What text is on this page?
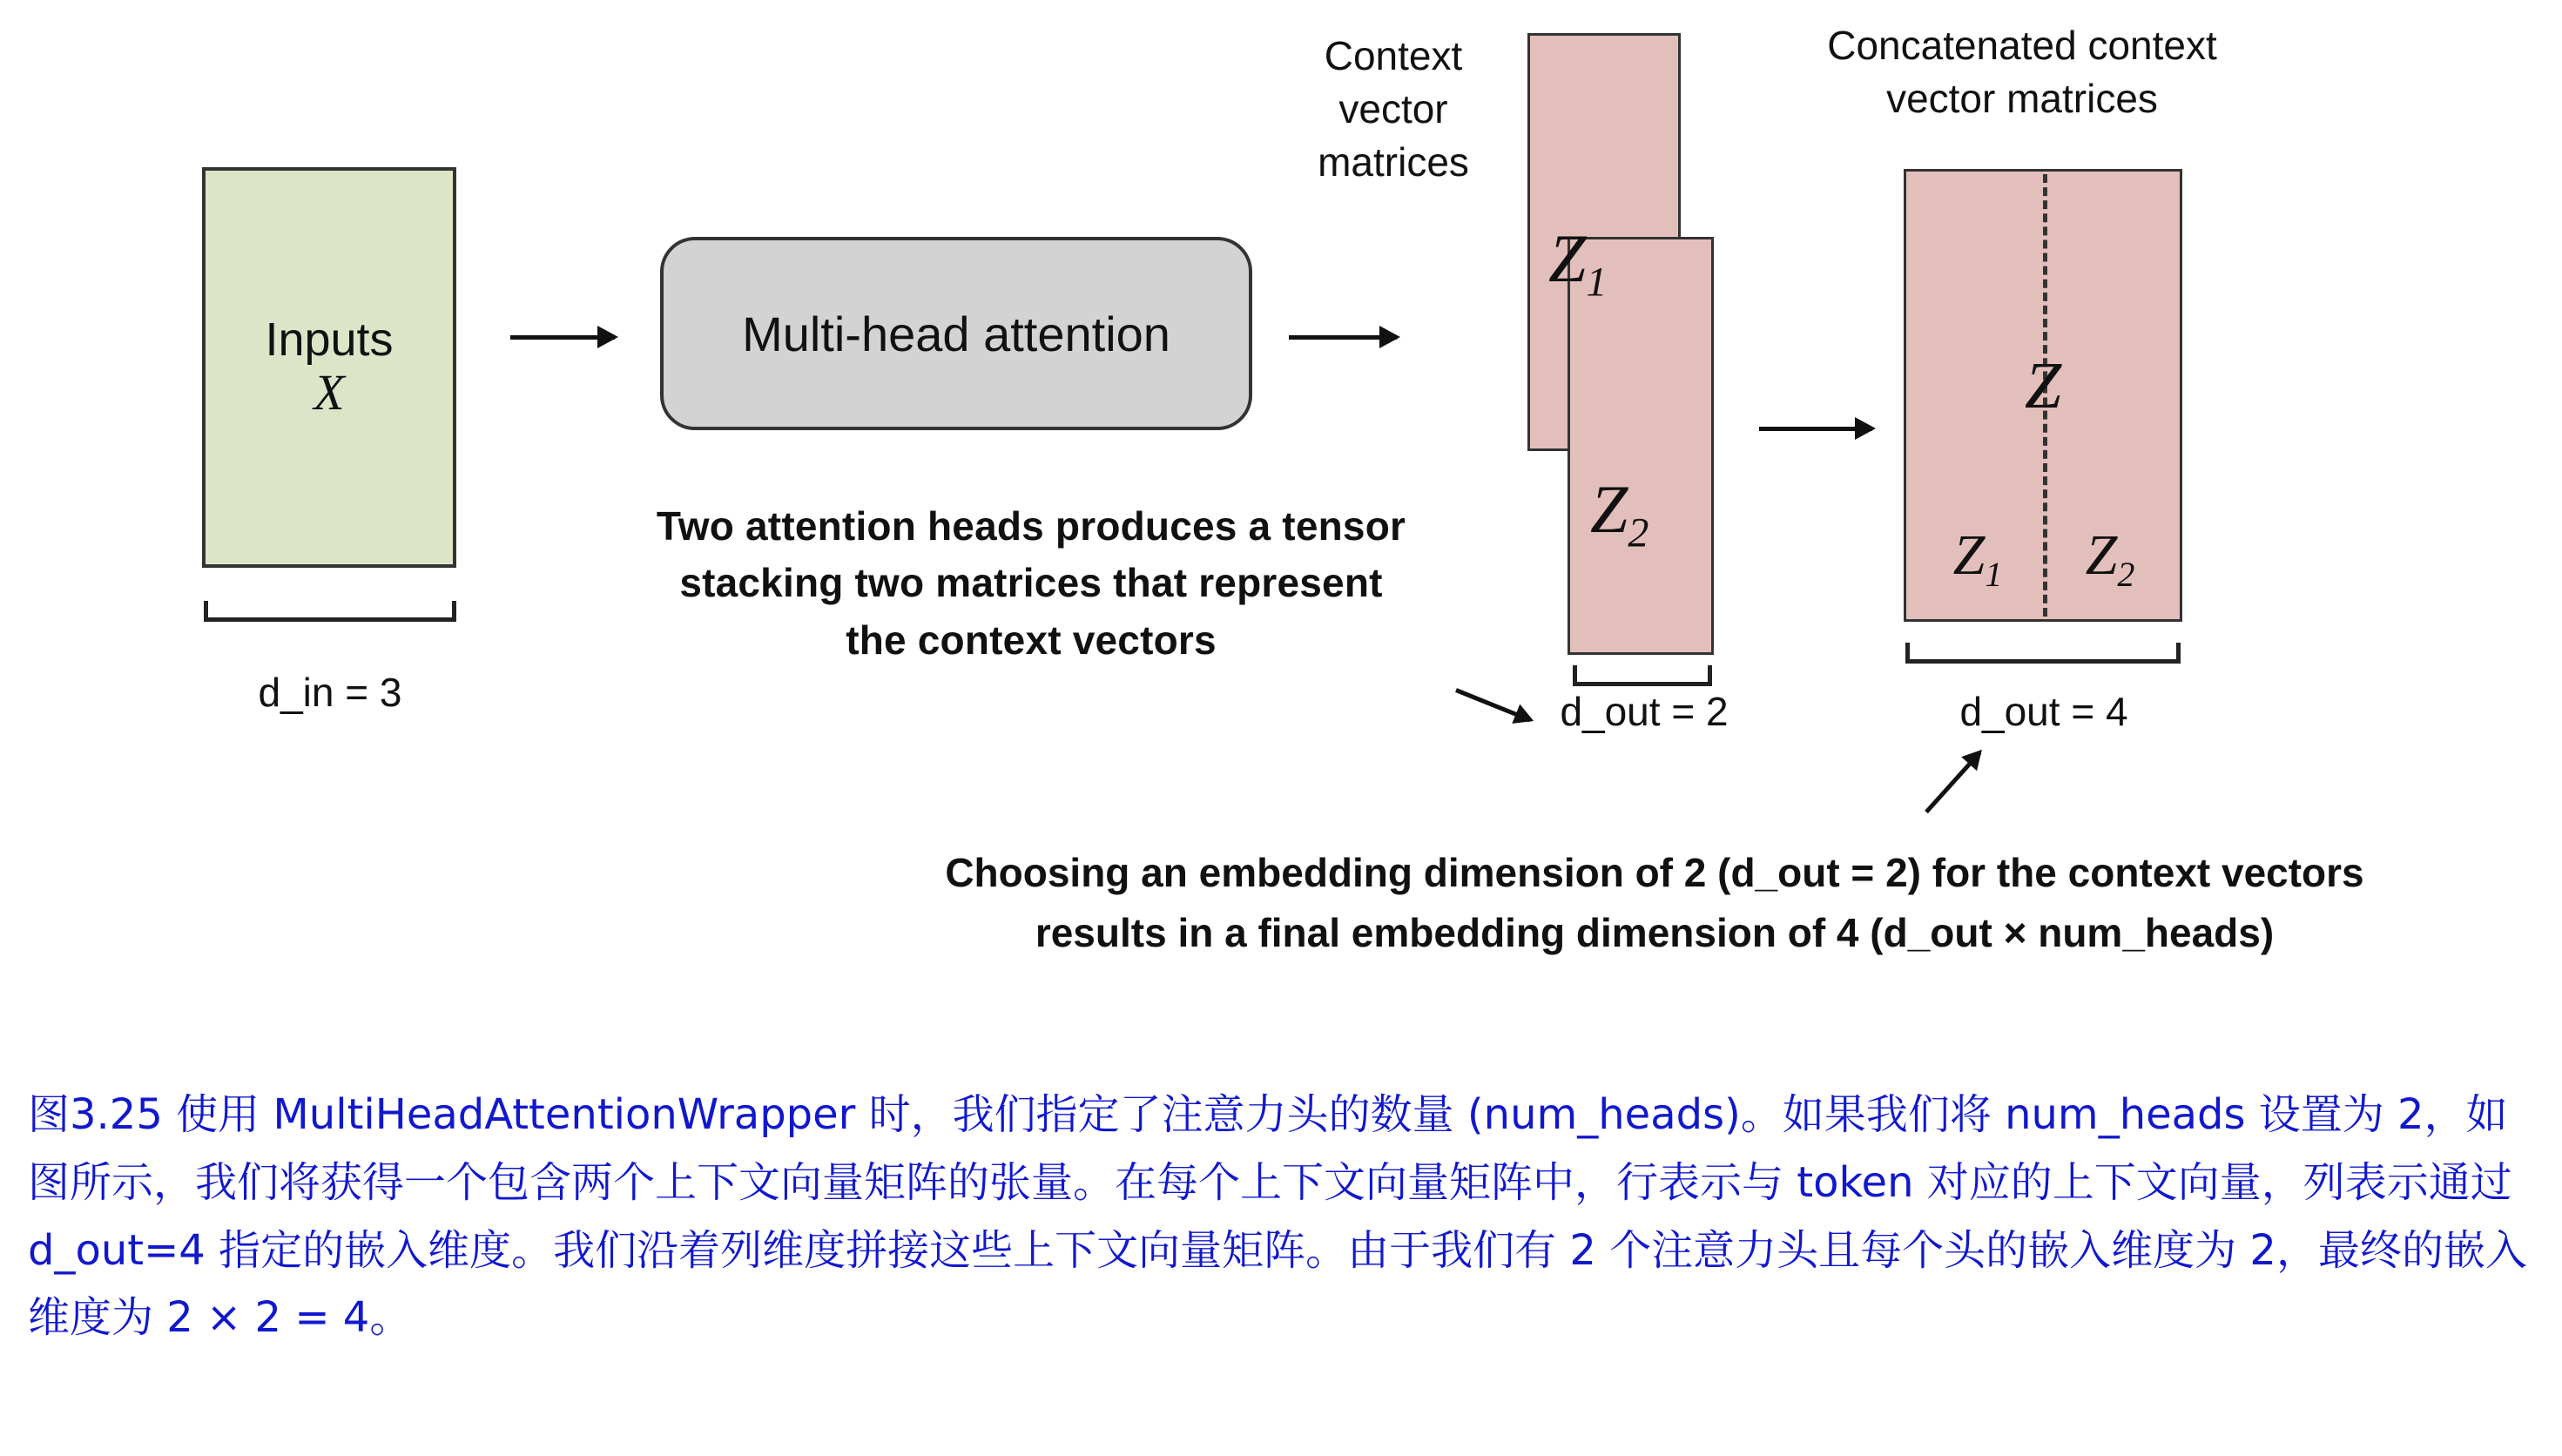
Inputs
X
d_in = 3
Multi-head attention
Two attention heads produces a tensor stacking two matrices that represent the context vectors
Context vector matrices
$Z_1$
$Z_2$
d_out = 2
Concatenated context vector matrices
Z
$Z_1$	$Z_2$
d_out = 4
Choosing an embedding dimension of 2 (d_out = 2) for the context vectors
results in a final embedding dimension of 4 (d_out × num_heads)
图3.25 使用 MultiHeadAttentionWrapper 时，我们指定了注意力头的数量 (num_heads)。如果我们将 num_heads 设置为 2，如图所示，我们将获得一个包含两个上下文向量矩阵的张量。在每个上下文向量矩阵中，行表示与 token 对应的上下文向量，列表示通过 d_out=4 指定的嵌入维度。我们沿着列维度拼接这些上下文向量矩阵。由于我们有 2 个注意力头且每个头的嵌入维度为 2，最终的嵌入维度为 2 × 2 = 4。
